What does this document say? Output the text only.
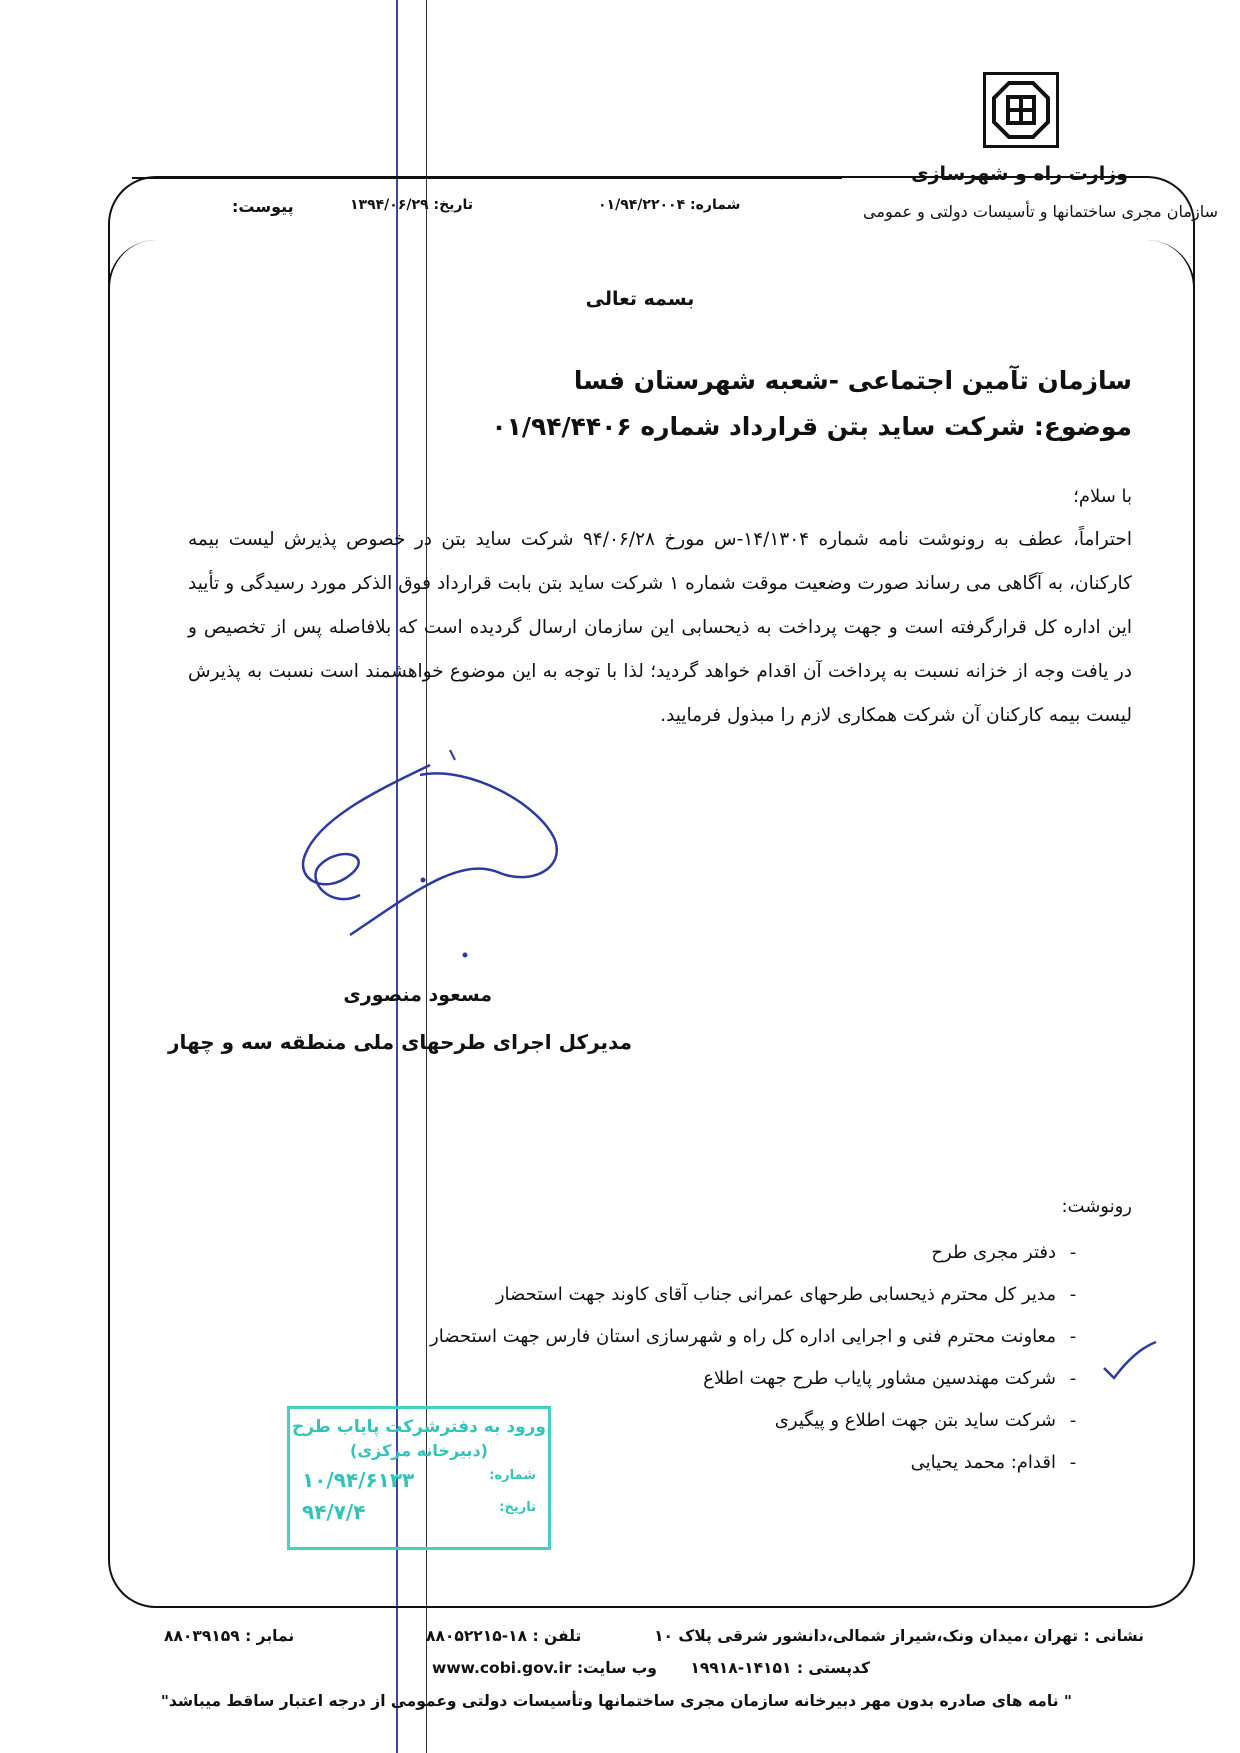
وزارت راه و شهرسازی
سازمان مجری ساختمانها و تأسیسات دولتی و عمومی
شماره: ۰۱/۹۴/۲۲۰۰۴
تاریخ: ۱۳۹۴/۰۶/۲۹
پیوست:
بسمه تعالی
سازمان تآمین اجتماعی -شعبه شهرستان فسا
موضوع: شرکت ساید بتن قرارداد شماره ۰۱/۹۴/۴۴۰۶
با سلام؛
احتراماً، عطف به رونوشت نامه شماره ۱۴/۱۳۰۴-س مورخ ۹۴/۰۶/۲۸ شرکت ساید بتن در خصوص پذیرش لیست بیمه کارکنان، به آگاهی می رساند صورت وضعیت موقت شماره ۱ شرکت ساید بتن بابت قرارداد فوق الذکر مورد رسیدگی و تأیید این اداره کل قرارگرفته است و جهت پرداخت به ذیحسابی این سازمان ارسال گردیده است که بلافاصله پس از تخصیص و در یافت وجه از خزانه نسبت به پرداخت آن اقدام خواهد گردید؛ لذا با توجه به این موضوع خواهشمند است نسبت به پذیرش لیست بیمه کارکنان آن شرکت همکاری لازم را مبذول فرمایید.
مسعود منصوری
مدیرکل اجرای طرحهای ملی منطقه سه و چهار
رونوشت:
-دفتر مجری طرح
-مدیر کل محترم ذیحسابی طرحهای عمرانی جناب آقای کاوند جهت استحضار
-معاونت محترم فنی و اجرایی اداره کل راه و شهرسازی استان فارس جهت استحضار
-شرکت مهندسین مشاور پایاب طرح جهت اطلاع
-شرکت ساید بتن جهت اطلاع و پیگیری
-اقدام: محمد یحیایی
ورود به دفترشرکت پایاب طرح
(دبیرخانه مرکزی)
شماره:
۱۰/۹۴/۶۱۳۳
تاریخ:
۹۴/۷/۴
نشانی : تهران ،میدان ونک،شیراز شمالی،دانشور شرقی پلاک ۱۰
تلفن : ۱۸-۸۸۰۵۲۲۱۵
نمابر : ۸۸۰۳۹۱۵۹
کدپستی : ۱۴۱۵۱-۱۹۹۱۸
وب سایت: www.cobi.gov.ir
" نامه های صادره بدون مهر دبیرخانه سازمان مجری ساختمانها وتأسیسات دولتی وعمومی از درجه اعتبار ساقط میباشد"
